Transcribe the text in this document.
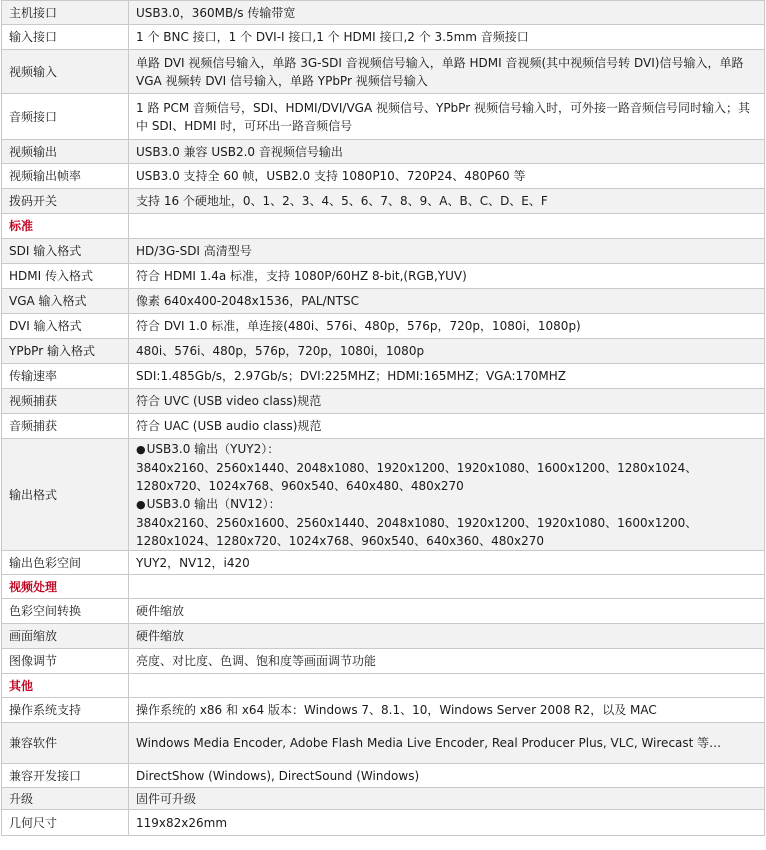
主机接口	USB3.0，360MB/s 传输带宽
输入接口	1 个 BNC 接口，1 个 DVI-I 接口,1 个 HDMI 接口,2 个 3.5mm 音频接口
视频输入	单路 DVI 视频信号输入，单路 3G-SDI 音视频信号输入，单路 HDMI 音视频(其中视频信号转 DVI)信号输入，单路 VGA 视频转 DVI 信号输入，单路 YPbPr 视频信号输入
音频接口	1 路 PCM 音频信号，SDI、HDMI/DVI/VGA 视频信号、YPbPr 视频信号输入时，可外接一路音频信号同时输入；其中 SDI、HDMI 时，可环出一路音频信号
视频输出	USB3.0 兼容 USB2.0 音视频信号输出
视频输出帧率	USB3.0 支持全 60 帧，USB2.0 支持 1080P10、720P24、480P60 等
拨码开关	支持 16 个硬地址，0、1、2、3、4、5、6、7、8、9、A、B、C、D、E、F
标准	
SDI 输入格式	HD/3G-SDI 高清型号
HDMI 传入格式	符合 HDMI 1.4a 标准，支持 1080P/60HZ 8-bit,(RGB,YUV)
VGA 输入格式	像素 640x400-2048x1536，PAL/NTSC
DVI 输入格式	符合 DVI 1.0 标准，单连接(480i、576i、480p，576p，720p，1080i，1080p)
YPbPr 输入格式	480i、576i、480p，576p，720p，1080i，1080p
传输速率	SDI:1.485Gb/s，2.97Gb/s；DVI:225MHZ；HDMI:165MHZ；VGA:170MHZ
视频捕获	符合 UVC (USB video class)规范
音频捕获	符合 UAC (USB audio class)规范
输出格式	● USB3.0 输出（YUY2）：
3840x2160、2560x1440、2048x1080、1920x1200、1920x1080、1600x1200、1280x1024、1280x720、1024x768、960x540、640x480、480x270
● USB3.0 输出（NV12）：
3840x2160、2560x1600、2560x1440、2048x1080、1920x1200、1920x1080、1600x1200、1280x1024、1280x720、1024x768、960x540、640x360、480x270

输出色彩空间	YUY2，NV12，i420
视频处理	
色彩空间转换	硬件缩放
画面缩放	硬件缩放
图像调节	亮度、对比度、色调、饱和度等画面调节功能
其他	
操作系统支持	操作系统的 x86 和 x64 版本：Windows 7、8.1、10，Windows Server 2008 R2，以及 MAC
兼容软件	Windows Media Encoder, Adobe Flash Media Live Encoder, Real Producer Plus, VLC, Wirecast 等…
兼容开发接口	DirectShow (Windows), DirectSound (Windows)
升级	固件可升级
几何尺寸	119x82x26mm
